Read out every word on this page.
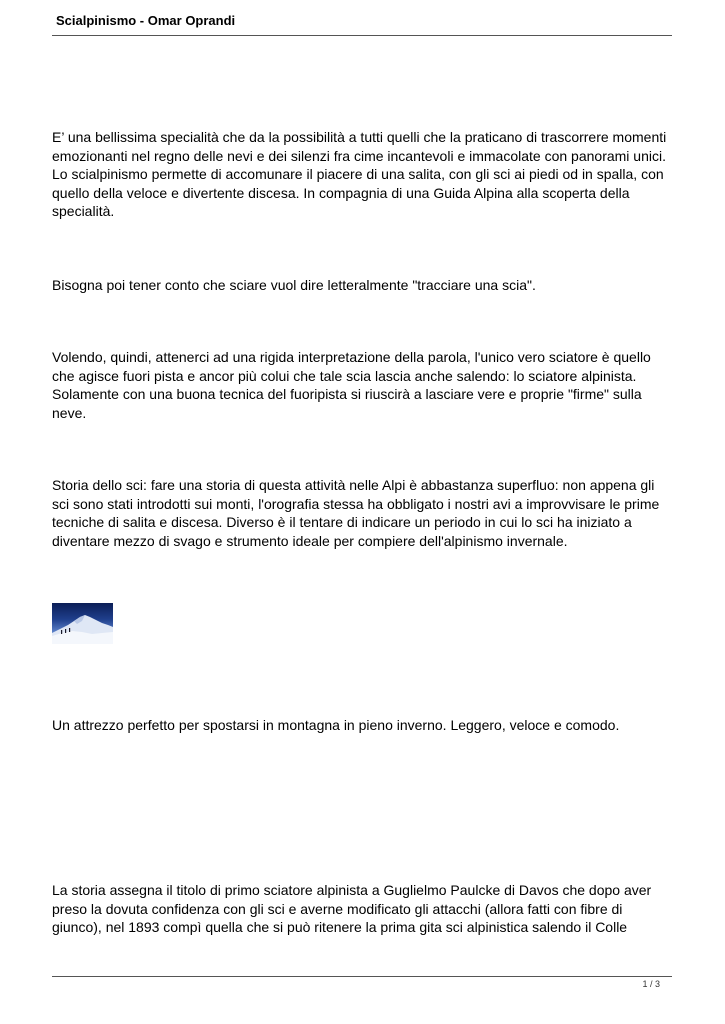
Scialpinismo - Omar Oprandi

E’ una bellissima specialità che da la possibilità a tutti quelli che la praticano di trascorrere momenti emozionanti nel regno delle nevi e dei silenzi fra cime incantevoli e immacolate con panorami unici. Lo scialpinismo permette di accomunare il piacere di una salita, con gli sci ai piedi od in spalla, con quello della veloce e divertente discesa. In compagnia di una Guida Alpina alla scoperta della specialità.

Bisogna poi tener conto che sciare vuol dire letteralmente "tracciare una scia".

Volendo, quindi, attenerci ad una rigida interpretazione della parola, l'unico vero sciatore è quello che agisce fuori pista e ancor più colui che tale scia lascia anche salendo: lo sciatore alpinista. Solamente con una buona tecnica del fuoripista si riuscirà a lasciare vere e proprie "firme" sulla neve.

Storia dello sci: fare una storia di questa attività nelle Alpi è abbastanza superfluo: non appena gli sci sono stati introdotti sui monti, l'orografia stessa ha obbligato i nostri avi a improvvisare le prime tecniche di salita e discesa. Diverso è il tentare di indicare un periodo in cui lo sci ha iniziato a diventare mezzo di svago e strumento ideale per compiere dell'alpinismo invernale.

Un attrezzo perfetto per spostarsi in montagna in pieno inverno. Leggero, veloce e comodo.

La storia assegna il titolo di primo sciatore alpinista a Guglielmo Paulcke di Davos che dopo aver preso la dovuta confidenza con gli sci e averne modificato gli attacchi (allora fatti con fibre di giunco), nel 1893 compì quella che si può ritenere la prima gita sci alpinistica salendo il Colle

1 / 3
